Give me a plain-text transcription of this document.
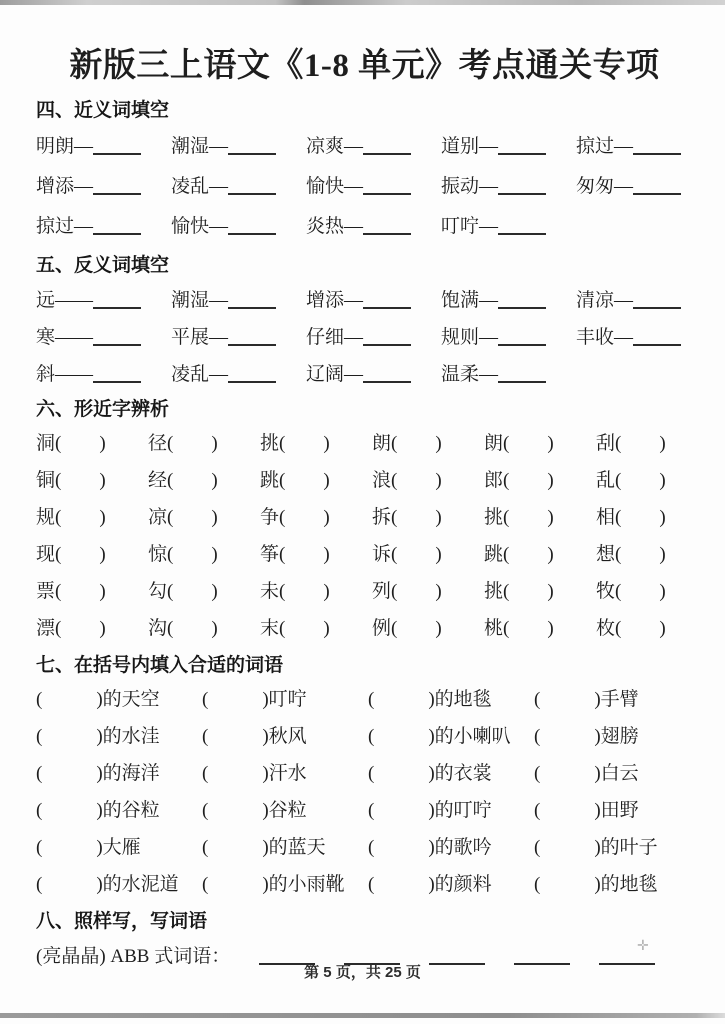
新版三上语文《1-8 单元》考点通关专项
四、近义词填空
明朗—	潮湿—	凉爽—	道别—	掠过—
增添—	凌乱—	愉快—	振动—	匆匆—
掠过—	愉快—	炎热—	叮咛—
五、反义词填空
远——	潮湿—	增添—	饱满—	清凉—
寒——	平展—	仔细—	规则—	丰收—
斜——	凌乱—	辽阔—	温柔—
六、形近字辨析
洞( )	径( )	挑( )	朗( )	朗( )	刮( )
铜( )	经( )	跳( )	浪( )	郎( )	乱( )
规( )	凉( )	争( )	拆( )	挑( )	相( )
现( )	惊( )	筝( )	诉( )	跳( )	想( )
票( )	勾( )	未( )	列( )	挑( )	牧( )
漂( )	沟( )	末( )	例( )	桃( )	枚( )
七、在括号内填入合适的词语
(	)的天空	(	)叮咛	(	)的地毯	(	)手臂
(	)的水洼	(	)秋风	(	)的小喇叭	(	)翅膀
(	)的海洋	(	)汗水	(	)的衣裳	(	)白云
(	)的谷粒	(	)谷粒	(	)的叮咛	(	)田野
(	)大雁	(	)的蓝天	(	)的歌吟	(	)的叶子
(	)的水泥道	(	)的小雨靴	(	)的颜料	(	)的地毯
八、照样写，写词语
(亮晶晶) ABB 式词语：	✛
第 5 页，共 25 页
